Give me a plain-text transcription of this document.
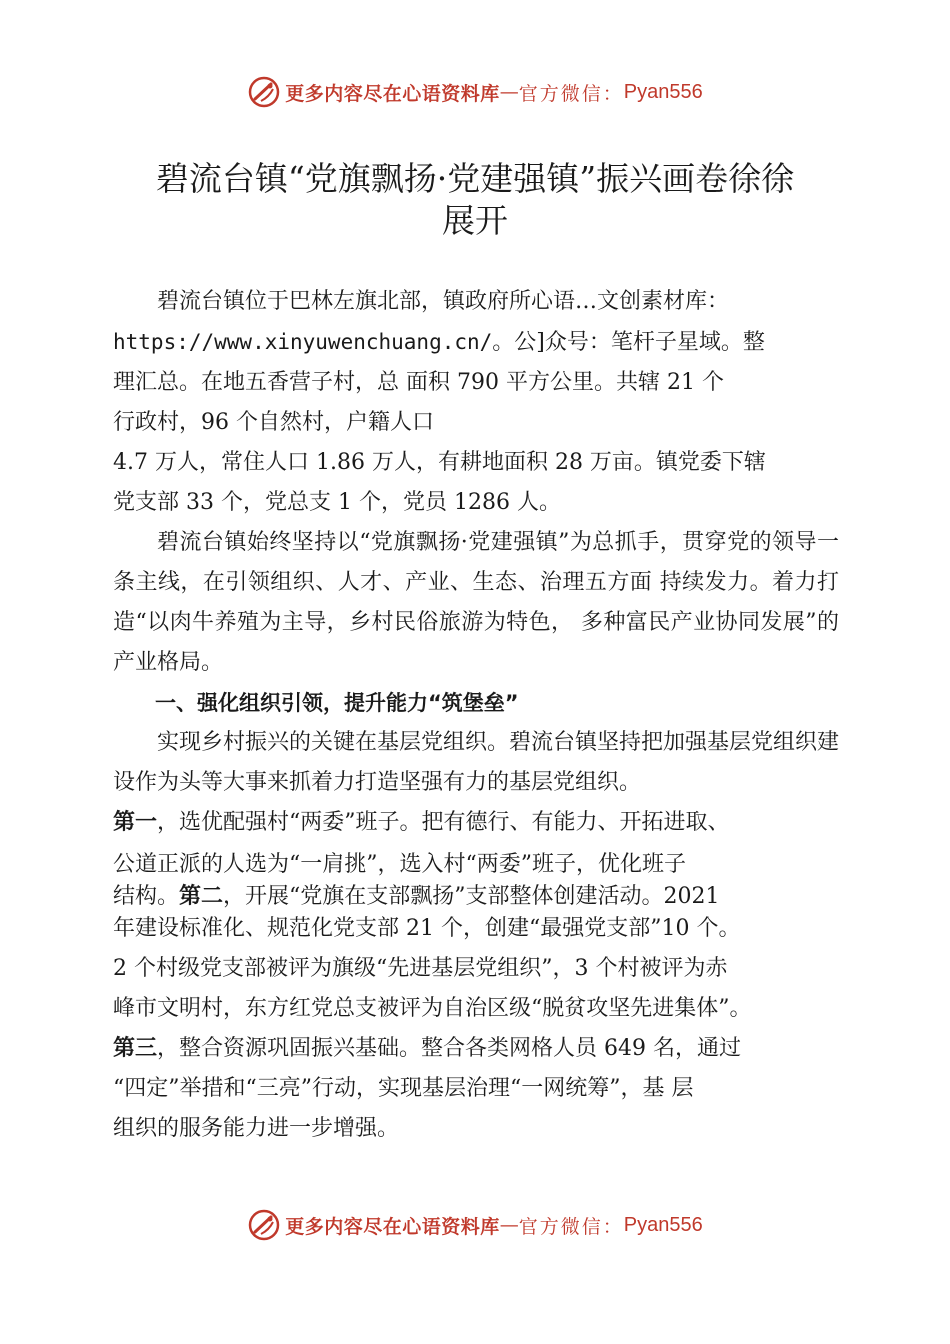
更多内容尽在心语资料库 — 官方微信： Pyan556
碧流台镇“党旗飘扬·党建强镇”振兴画卷徐徐
展开

碧流台镇位于巴林左旗北部，镇政府所心语…文创素材库：

https://www.xinyuwenchuang.cn/。公]众号：笔杆子星域。整

理汇总。在地五香营子村，总 面积 790 平方公里。共辖 21 个

行政村，96 个自然村，户籍人口

4.7 万人，常住人口 1.86 万人，有耕地面积 28 万亩。镇党委下辖

党支部 33 个，党总支 1 个，党员 1286 人。

碧流台镇始终坚持以“党旗飘扬·党建强镇”为总抓手，贯穿党的领导一条主线，在引领组织、人才、产业、生态、治理五方面 持续发力。着力打造“以肉牛养殖为主导，乡村民俗旅游为特色， 多种富民产业协同发展”的产业格局。

一、强化组织引领，提升能力“筑堡垒”

实现乡村振兴的关键在基层党组织。碧流台镇坚持把加强基层党组织建设作为头等大事来抓着力打造坚强有力的基层党组织。

第一，选优配强村“两委”班子。把有德行、有能力、开拓进取、

公道正派的人选为“一肩挑”，选入村“两委”班子，优化班子

结构。第二，开展“党旗在支部飘扬”支部整体创建活动。2021

年建设标准化、规范化党支部 21 个，创建“最强党支部”10 个。

2 个村级党支部被评为旗级“先进基层党组织”，3 个村被评为赤

峰市文明村，东方红党总支被评为自治区级“脱贫攻坚先进集体”。

第三，整合资源巩固振兴基础。整合各类网格人员 649 名，通过

“四定”举措和“三亮”行动，实现基层治理“一网统筹”，基 层

组织的服务能力进一步增强。

更多内容尽在心语资料库 — 官方微信： Pyan556
